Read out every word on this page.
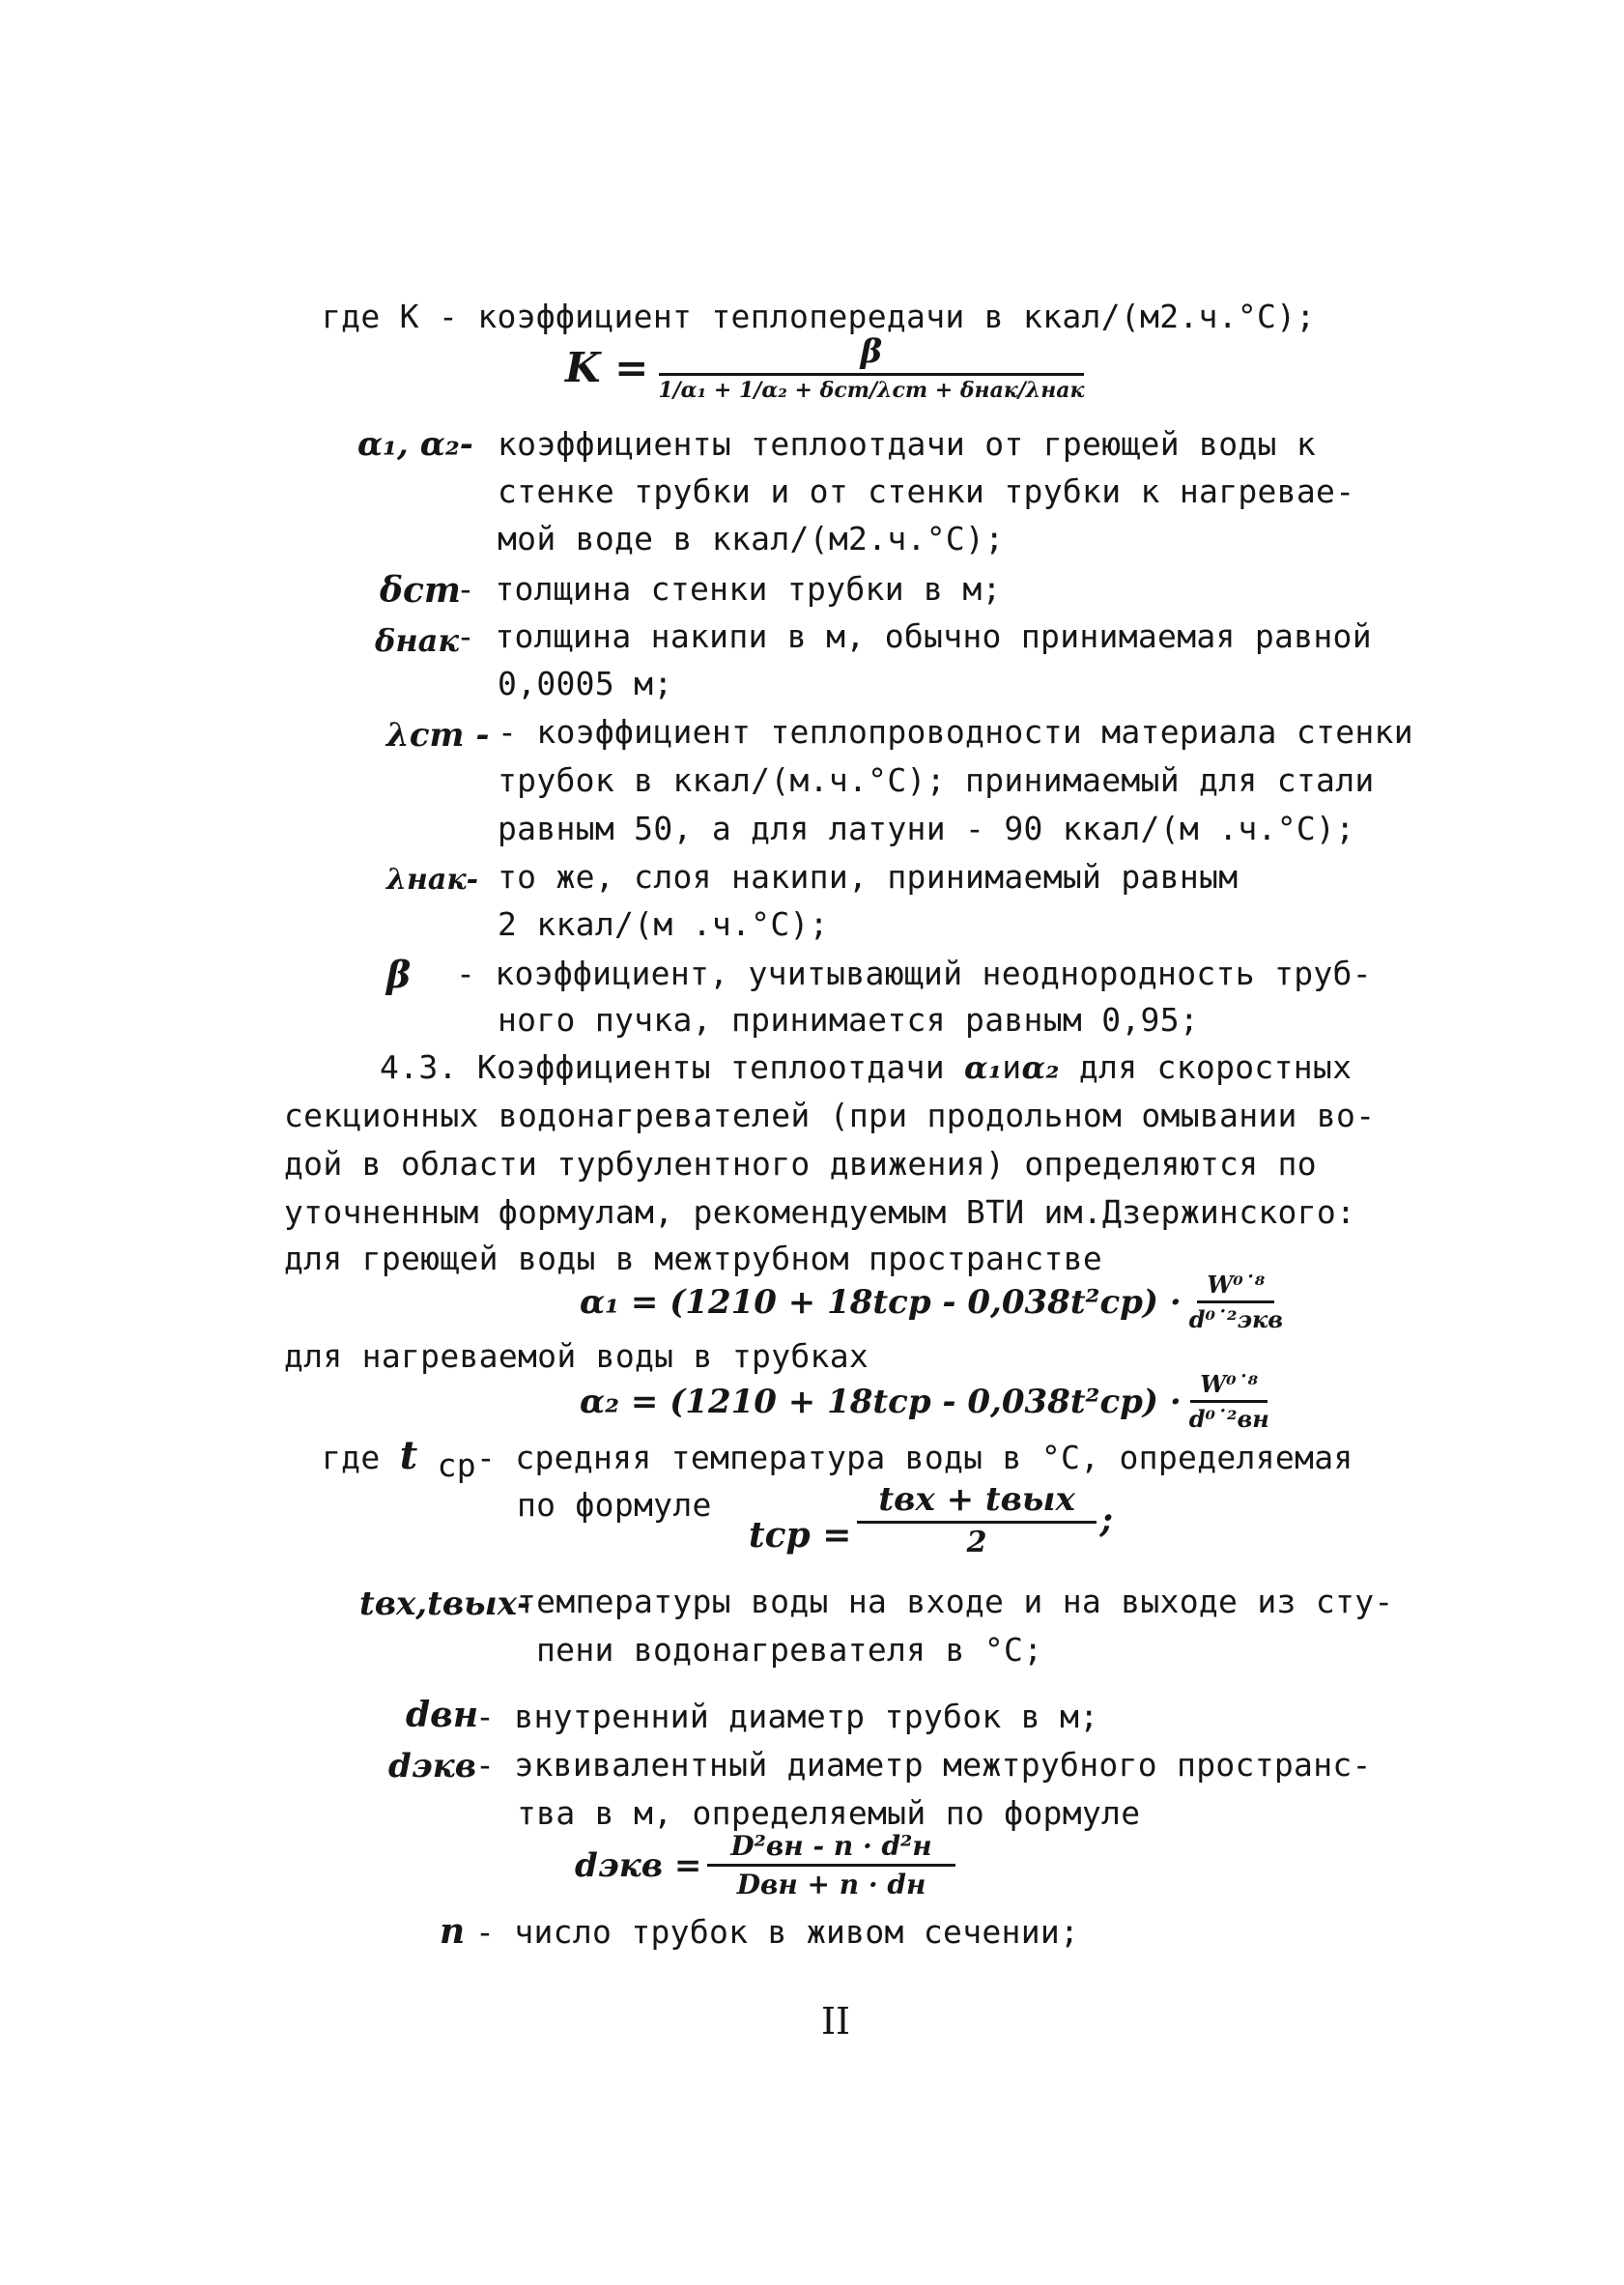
где К - коэффициент теплопередачи в ккал/(м2.ч.°С);
$K = \frac{\beta}{\text{1/α₁ + 1/α₂ + δст/λст + δнак/λнак}}$
α₁, α₂- коэффициенты теплоотдачи от греющей воды к
стенке трубки и от стенки трубки к нагревае-
мой воде в ккал/(м2.ч.°С);
δст
- толщина стенки трубки в м;
δнак
- толщина накипи в м, обычно принимаемая равной
0,0005 м;
λст - - коэффициент теплопроводности материала стенки
трубок в ккал/(м.ч.°С); принимаемый для стали
равным 50, а для латуни - 90 ккал/(м .ч.°С);
λнак- то же, слоя накипи, принимаемый равным
2 ккал/(м .ч.°С);
β - коэффициент, учитывающий неоднородность труб-
ного пучка, принимается равным 0,95;
4.3. Коэффициенты теплоотдачи α₁иα₂ для скоростных
секционных водонагревателей (при продольном омывании во-
дой в области турбулентного движения) определяются по
уточненным формулам, рекомендуемым ВТИ им.Дзержинского:
для греющей воды в межтрубном пространстве
$\alpha_1 = (1210 + 18tср - 0,038t^2ср) \cdot \frac{\text{W⁰˙⁸}}{\text{d⁰˙²экв}}$
для нагреваемой воды в трубках
$\alpha_2 = (1210 + 18tср - 0,038t^2ср) \cdot \frac{\text{W⁰˙⁸}}{\text{d⁰˙²вн}}$
где t ср- средняя температура воды в °С, определяемая
по формуле
tср = $\frac{\text{tвх + tвых}}{2}$ ;
tвх,tвых-
температуры воды на входе и на выходе из сту-
пени водонагревателя в °С;
dвн
- внутренний диаметр трубок в м;
dэкв
- эквивалентный диаметр межтрубного пространс-
тва в м, определяемый по формуле
dэкв = $\frac{\text{D²вн - n · d²н}}{\text{Dвн + n · dн}}$
n - число трубок в живом сечении;
II
